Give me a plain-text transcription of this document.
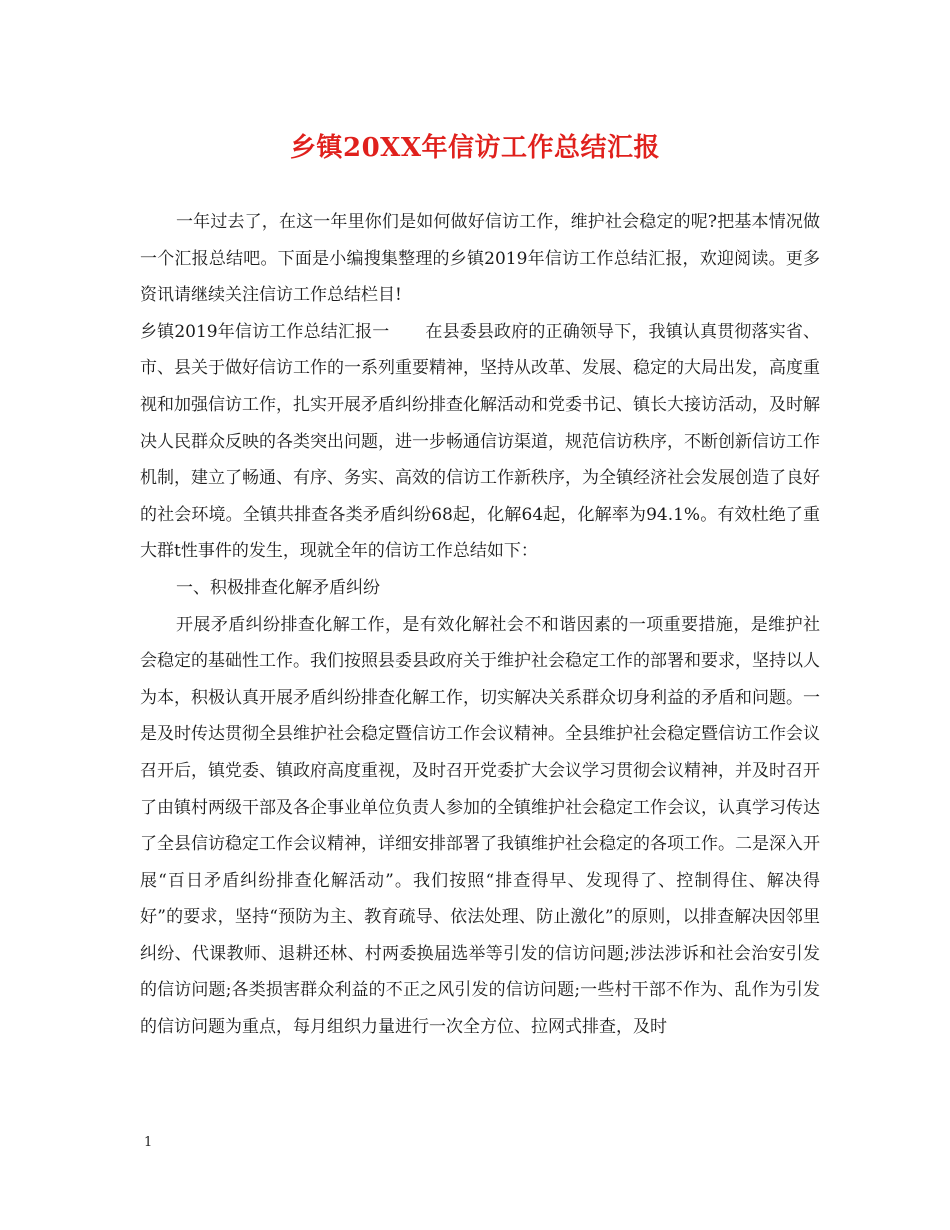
乡镇20XX年信访工作总结汇报

一年过去了，在这一年里你们是如何做好信访工作，维护社会稳定的呢?把基本情况做一个汇报总结吧。下面是小编搜集整理的乡镇2019年信访工作总结汇报，欢迎阅读。更多资讯请继续关注信访工作总结栏目!

乡镇2019年信访工作总结汇报一 在县委县政府的正确领导下，我镇认真贯彻落实省、市、县关于做好信访工作的一系列重要精神，坚持从改革、发展、稳定的大局出发，高度重视和加强信访工作，扎实开展矛盾纠纷排查化解活动和党委书记、镇长大接访活动，及时解决人民群众反映的各类突出问题，进一步畅通信访渠道，规范信访秩序，不断创新信访工作机制，建立了畅通、有序、务实、高效的信访工作新秩序，为全镇经济社会发展创造了良好的社会环境。全镇共排查各类矛盾纠纷68起，化解64起，化解率为94.1%。有效杜绝了重大群t性事件的发生，现就全年的信访工作总结如下：

一、积极排查化解矛盾纠纷

开展矛盾纠纷排查化解工作，是有效化解社会不和谐因素的一项重要措施，是维护社会稳定的基础性工作。我们按照县委县政府关于维护社会稳定工作的部署和要求，坚持以人为本，积极认真开展矛盾纠纷排查化解工作，切实解决关系群众切身利益的矛盾和问题。一是及时传达贯彻全县维护社会稳定暨信访工作会议精神。全县维护社会稳定暨信访工作会议召开后，镇党委、镇政府高度重视，及时召开党委扩大会议学习贯彻会议精神，并及时召开了由镇村两级干部及各企事业单位负责人参加的全镇维护社会稳定工作会议，认真学习传达了全县信访稳定工作会议精神，详细安排部署了我镇维护社会稳定的各项工作。二是深入开展“百日矛盾纠纷排查化解活动”。我们按照“排查得早、发现得了、控制得住、解决得好”的要求，坚持“预防为主、教育疏导、依法处理、防止激化”的原则，以排查解决因邻里纠纷、代课教师、退耕还林、村两委换届选举等引发的信访问题;涉法涉诉和社会治安引发的信访问题;各类损害群众利益的不正之风引发的信访问题;一些村干部不作为、乱作为引发的信访问题为重点，每月组织力量进行一次全方位、拉网式排查，及时

1
